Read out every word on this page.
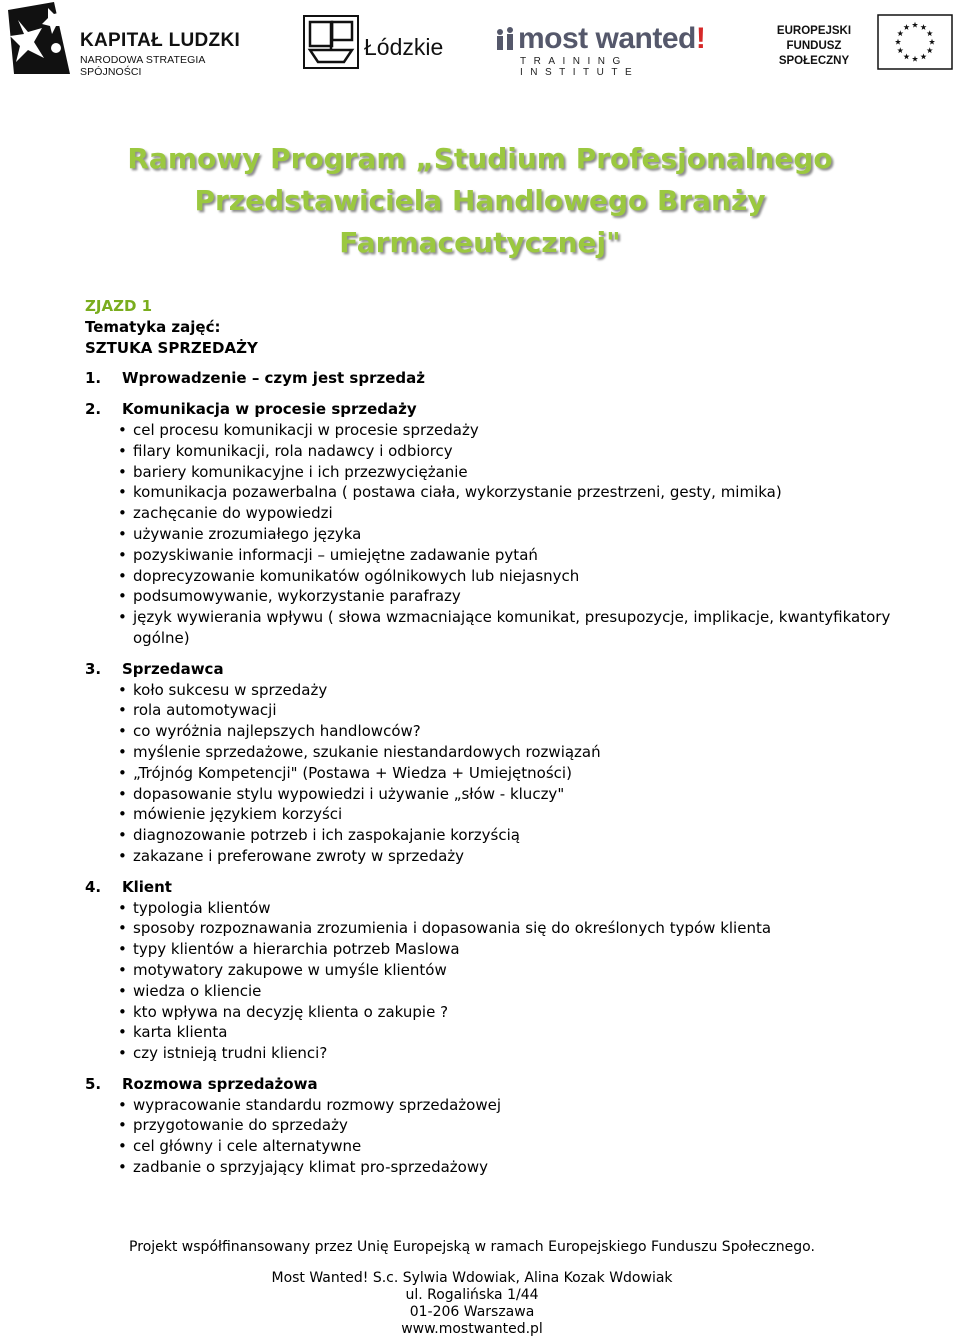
KAPITAŁ LUDZKI
NARODOWA STRATEGIA SPÓJNOŚCI
Łódzkie most wanted!
TRAINING INSTITUTE
EUROPEJSKI
FUNDUSZ SPOŁECZNY
Ramowy Program „Studium Profesjonalnego
Przedstawiciela Handlowego Branży
Farmaceutycznej"
ZJAZD 1
Tematyka zajęć:
SZTUKA SPRZEDAŻY
1.	Wprowadzenie – czym jest sprzedaż
2.	Komunikacja w procesie sprzedaży
• cel procesu komunikacji w procesie sprzedaży
• filary komunikacji, rola nadawcy i odbiorcy
• bariery komunikacyjne i ich przezwyciężanie
• komunikacja pozawerbalna ( postawa ciała, wykorzystanie przestrzeni, gesty, mimika)
• zachęcanie do wypowiedzi
• używanie zrozumiałego języka
• pozyskiwanie informacji – umiejętne zadawanie pytań
• doprecyzowanie komunikatów ogólnikowych lub niejasnych
• podsumowywanie, wykorzystanie parafrazy
• język wywierania wpływu ( słowa wzmacniające komunikat, presupozycje, implikacje, kwantyfikatory ogólne)
3.	Sprzedawca
• koło sukcesu w sprzedaży
• rola automotywacji
• co wyróżnia najlepszych handlowców?
• myślenie sprzedażowe, szukanie niestandardowych rozwiązań
• „Trójnóg Kompetencji" (Postawa + Wiedza + Umiejętności)
• dopasowanie stylu wypowiedzi i używanie „słów - kluczy"
• mówienie językiem korzyści
• diagnozowanie potrzeb i ich zaspokajanie korzyścią
• zakazane i preferowane zwroty w sprzedaży
4.	Klient
• typologia klientów
• sposoby rozpoznawania zrozumienia i dopasowania się do określonych typów klienta
• typy klientów a hierarchia potrzeb Maslowa
• motywatory zakupowe w umyśle klientów
• wiedza o kliencie
• kto wpływa na decyzję klienta o zakupie ?
• karta klienta
• czy istnieją trudni klienci?
5.	Rozmowa sprzedażowa
• wypracowanie standardu rozmowy sprzedażowej
• przygotowanie do sprzedaży
• cel główny i cele alternatywne
• zadbanie o sprzyjający klimat pro-sprzedażowy
Projekt współfinansowany przez Unię Europejską w ramach Europejskiego Funduszu Społecznego.
Most Wanted! S.c. Sylwia Wdowiak, Alina Kozak Wdowiak
ul. Rogalińska 1/44
01-206 Warszawa
www.mostwanted.pl
